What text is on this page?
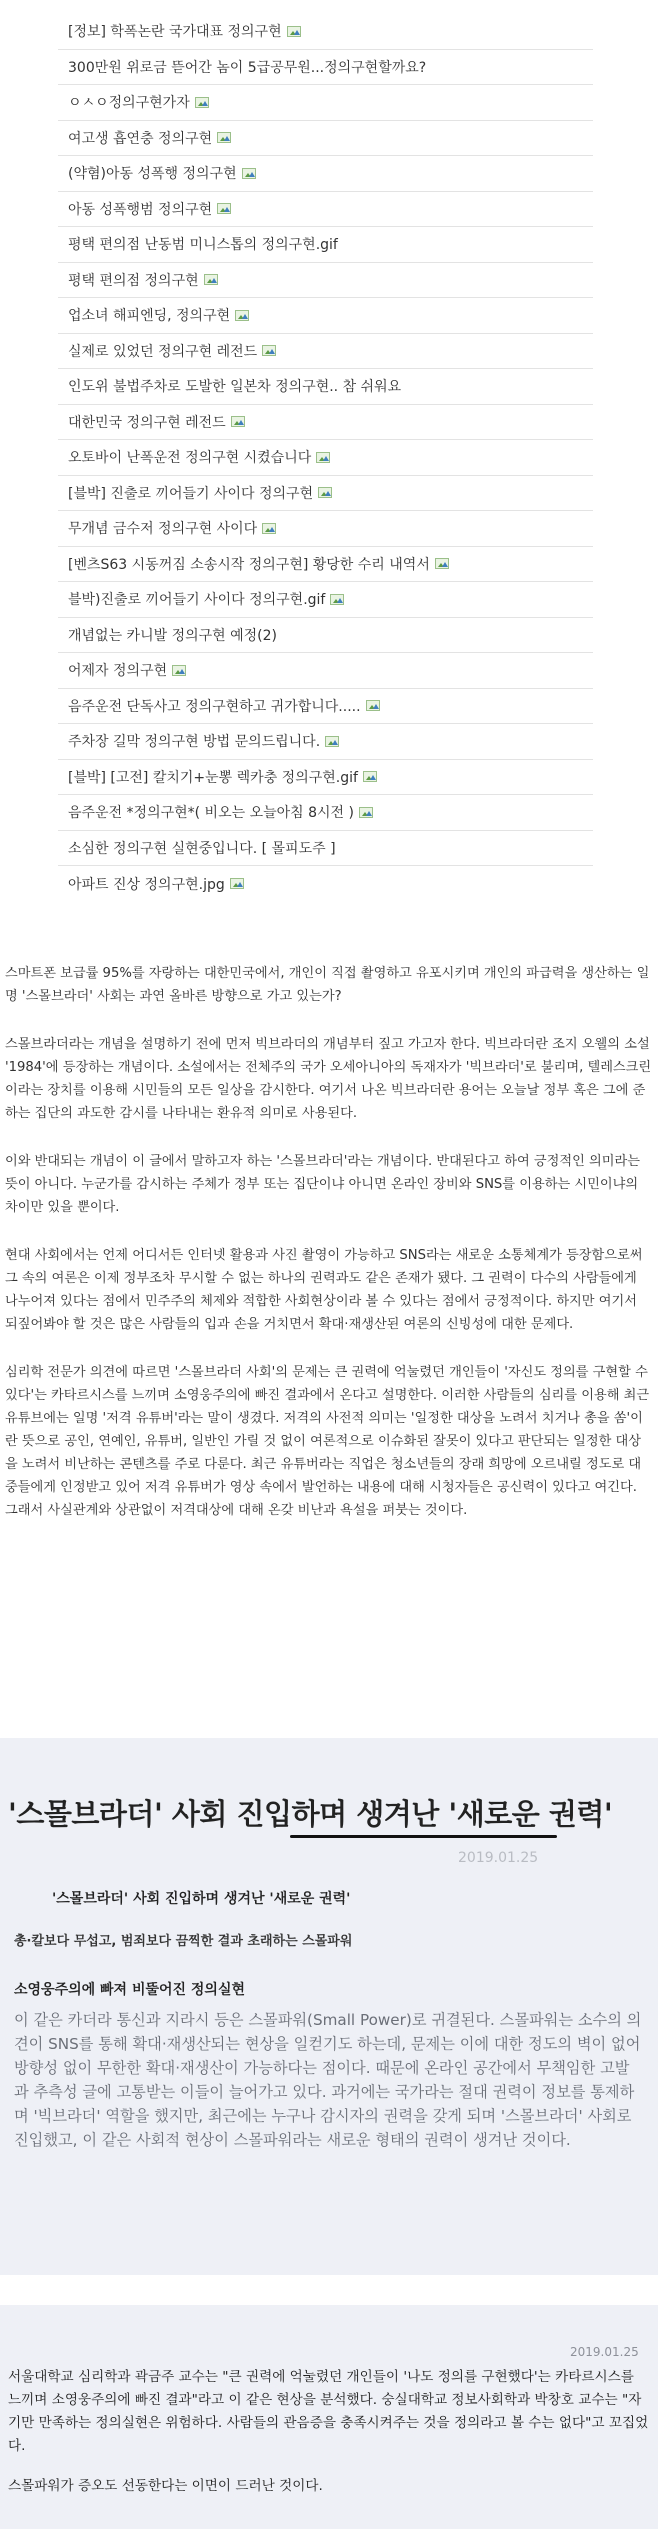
[정보] 학폭논란 국가대표 정의구현
300만원 위로금 뜯어간 놈이 5급공무원...정의구현할까요?
ㅇㅅㅇ정의구현가자
여고생 흡연충 정의구현
(약혐)아동 성폭행 정의구현
아동 성폭행범 정의구현
평택 편의점 난동범 미니스톱의 정의구현.gif
평택 편의점 정의구현
업소녀 해피엔딩, 정의구현
실제로 있었던 정의구현 레전드
인도위 불법주차로 도발한 일본차 정의구현.. 참 쉬워요
대한민국 정의구현 레전드
오토바이 난폭운전 정의구현 시켰습니다
[블박] 진출로 끼어들기 사이다 정의구현
무개념 금수저 정의구현 사이다
[벤츠S63 시동꺼짐 소송시작 정의구현] 황당한 수리 내역서
블박)진출로 끼어들기 사이다 정의구현.gif
개념없는 카니발 정의구현 예정(2)
어제자 정의구현
음주운전 단독사고 정의구현하고 귀가합니다.....
주차장 길막 정의구현 방법 문의드립니다.
[블박] [고전] 칼치기+눈뽕 렉카충 정의구현.gif
음주운전 *정의구현*( 비오는 오늘아침 8시전 )
소심한 정의구현 실현중입니다. [ 몰피도주 ]
아파트 진상 정의구현.jpg

스마트폰 보급률 95%를 자랑하는 대한민국에서, 개인이 직접 촬영하고 유포시키며 개인의 파급력을 생산하는 일명 '스몰브라더' 사회는 과연 올바른 방향으로 가고 있는가?

스몰브라더라는 개념을 설명하기 전에 먼저 빅브라더의 개념부터 짚고 가고자 한다. 빅브라더란 조지 오웰의 소설 '1984'에 등장하는 개념이다. 소설에서는 전체주의 국가 오세아니아의 독재자가 '빅브라더'로 불리며, 텔레스크린이라는 장치를 이용해 시민들의 모든 일상을 감시한다. 여기서 나온 빅브라더란 용어는 오늘날 정부 혹은 그에 준하는 집단의 과도한 감시를 나타내는 환유적 의미로 사용된다.

이와 반대되는 개념이 이 글에서 말하고자 하는 '스몰브라더'라는 개념이다. 반대된다고 하여 긍정적인 의미라는 뜻이 아니다. 누군가를 감시하는 주체가 정부 또는 집단이냐 아니면 온라인 장비와 SNS를 이용하는 시민이냐의 차이만 있을 뿐이다.

현대 사회에서는 언제 어디서든 인터넷 활용과 사진 촬영이 가능하고 SNS라는 새로운 소통체계가 등장함으로써 그 속의 여론은 이제 정부조차 무시할 수 없는 하나의 권력과도 같은 존재가 됐다. 그 권력이 다수의 사람들에게 나누어져 있다는 점에서 민주주의 체제와 적합한 사회현상이라 볼 수 있다는 점에서 긍정적이다. 하지만 여기서 되짚어봐야 할 것은 많은 사람들의 입과 손을 거치면서 확대·재생산된 여론의 신빙성에 대한 문제다.

심리학 전문가 의견에 따르면 '스몰브라더 사회'의 문제는 큰 권력에 억눌렸던 개인들이 '자신도 정의를 구현할 수 있다'는 카타르시스를 느끼며 소영웅주의에 빠진 결과에서 온다고 설명한다. 이러한 사람들의 심리를 이용해 최근 유튜브에는 일명 '저격 유튜버'라는 말이 생겼다. 저격의 사전적 의미는 '일정한 대상을 노려서 치거나 총을 쏨'이란 뜻으로 공인, 연예인, 유튜버, 일반인 가릴 것 없이 여론적으로 이슈화된 잘못이 있다고 판단되는 일정한 대상을 노려서 비난하는 콘텐츠를 주로 다룬다. 최근 유튜버라는 직업은 청소년들의 장래 희망에 오르내릴 정도로 대중들에게 인정받고 있어 저격 유튜버가 영상 속에서 발언하는 내용에 대해 시청자들은 공신력이 있다고 여긴다. 그래서 사실관계와 상관없이 저격대상에 대해 온갖 비난과 욕설을 퍼붓는 것이다.

'스몰브라더' 사회 진입하며 생겨난 '새로운 권력'
2019.01.25
'스몰브라더' 사회 진입하며 생겨난 '새로운 권력'
총·칼보다 무섭고, 범죄보다 끔찍한 결과 초래하는 스몰파워
소영웅주의에 빠져 비뚤어진 정의실현
이 같은 카더라 통신과 지라시 등은 스몰파워(Small Power)로 귀결된다. 스몰파워는 소수의 의견이 SNS를 통해 확대·재생산되는 현상을 일컫기도 하는데, 문제는 이에 대한 정도의 벽이 없어 방향성 없이 무한한 확대·재생산이 가능하다는 점이다. 때문에 온라인 공간에서 무책임한 고발과 추측성 글에 고통받는 이들이 늘어가고 있다. 과거에는 국가라는 절대 권력이 정보를 통제하며 '빅브라더' 역할을 했지만, 최근에는 누구나 감시자의 권력을 갖게 되며 '스몰브라더' 사회로 진입했고, 이 같은 사회적 현상이 스몰파워라는 새로운 형태의 권력이 생겨난 것이다.
2019.01.25

서울대학교 심리학과 곽금주 교수는 "큰 권력에 억눌렸던 개인들이 '나도 정의를 구현했다'는 카타르시스를 느끼며 소영웅주의에 빠진 결과"라고 이 같은 현상을 분석했다. 숭실대학교 정보사회학과 박창호 교수는 "자기만 만족하는 정의실현은 위험하다. 사람들의 관음증을 충족시켜주는 것을 정의라고 볼 수는 없다"고 꼬집었다.

스몰파워가 증오도 선동한다는 이면이 드러난 것이다.
